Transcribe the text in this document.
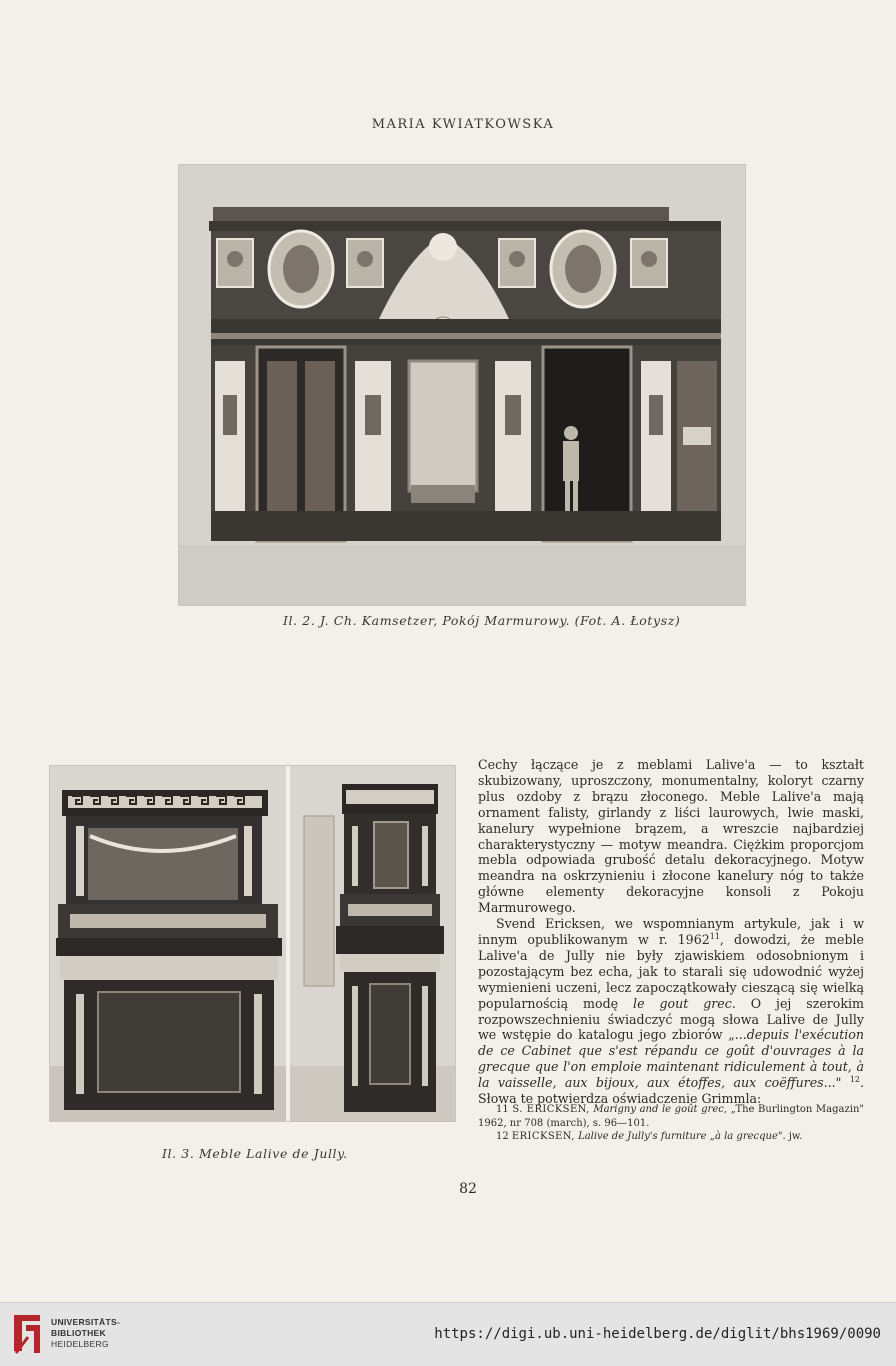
MARIA KWIATKOWSKA
Il. 2. J. Ch. Kamsetzer, Pokój Marmurowy. (Fot. A. Łotysz)
Il. 3. Meble Lalive de Jully.

Cechy łączące je z meblami Lalive'a — to kształt skubizowany, uproszczony, monumentalny, koloryt czarny plus ozdoby z brązu złoconego. Meble Lalive'a mają ornament falisty, girlandy z liści laurowych, lwie maski, kanelury wypełnione brązem, a wreszcie najbardziej charakterystyczny — motyw meandra. Ciężkim proporcjom mebla odpowiada grubość detalu dekoracyjnego. Motyw meandra na oskrzynieniu i złocone kanelury nóg to także główne elementy dekoracyjne konsoli z Pokoju Marmurowego.

Svend Ericksen, we wspomnianym artykule, jak i w innym opublikowanym w r. 1962$^{11}$, dowodzi, że meble Lalive'a de Jully nie były zjawiskiem odosobnionym i pozostającym bez echa, jak to starali się udowodnić wyżej wymienieni uczeni, lecz zapoczątkowały cieszącą się wielką popularnością modę le gout grec. O jej szerokim rozpowszechnieniu świadczyć mogą słowa Lalive de Jully we wstępie do katalogu jego zbiorów „...depuis l'exécution de ce Cabinet que s'est répandu ce goût d'ouvrages à la grecque que l'on emploie maintenant ridiculement à tout, à la vaisselle, aux bijoux, aux étoffes, aux coëffures..." $^{12}$. Słowa te potwierdza oświadczenie Grimmla:

11 S. ERICKSEN, Marigny and le goût grec, „The Burlington Magazin" 1962, nr 708 (march), s. 96—101.

12 ERICKSEN, Lalive de Jully's furniture „à la grecque". jw.

82
UNIVERSITÄTS-
BIBLIOTHEK
HEIDELBERG
https://digi.ub.uni-heidelberg.de/diglit/bhs1969/0090
